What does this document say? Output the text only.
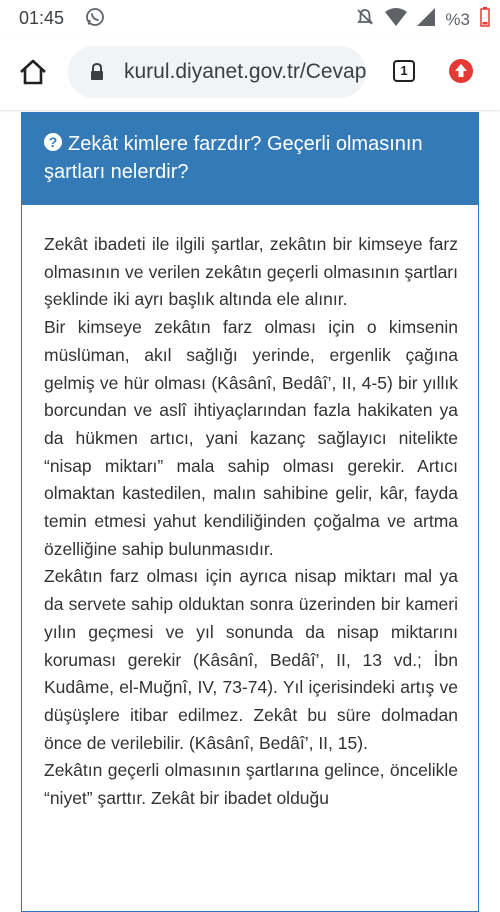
01:45	%3
kurul.diyanet.gov.tr/Cevap	1
? Zekât kimlere farzdır? Geçerli olmasının şartları nelerdir?

Zekât ibadeti ile ilgili şartlar, zekâtın bir kimseye farz olmasının ve verilen zekâtın geçerli olmasının şartları şeklinde iki ayrı başlık altında ele alınır.

Bir kimseye zekâtın farz olması için o kimsenin müslüman, akıl sağlığı yerinde, ergenlik çağına gelmiş ve hür olması (Kâsânî, Bedâî’, II, 4-5) bir yıllık borcundan ve aslî ihtiyaçlarından fazla hakikaten ya da hükmen artıcı, yani kazanç sağlayıcı nitelikte “nisap miktarı” mala sahip olması gerekir. Artıcı olmaktan kastedilen, malın sahibine gelir, kâr, fayda temin etmesi yahut kendiliğinden çoğalma ve artma özelliğine sahip bulunmasıdır.

Zekâtın farz olması için ayrıca nisap miktarı mal ya da servete sahip olduktan sonra üzerinden bir kameri yılın geçmesi ve yıl sonunda da nisap miktarını koruması gerekir (Kâsânî, Bedâî’, II, 13 vd.; İbn Kudâme, el-Muğnî, IV, 73-74). Yıl içerisindeki artış ve düşüşlere itibar edilmez. Zekât bu süre dolmadan önce de verilebilir. (Kâsânî, Bedâî’, II, 15).

Zekâtın geçerli olmasının şartlarına gelince, öncelikle “niyet” şarttır. Zekât bir ibadet olduğu
